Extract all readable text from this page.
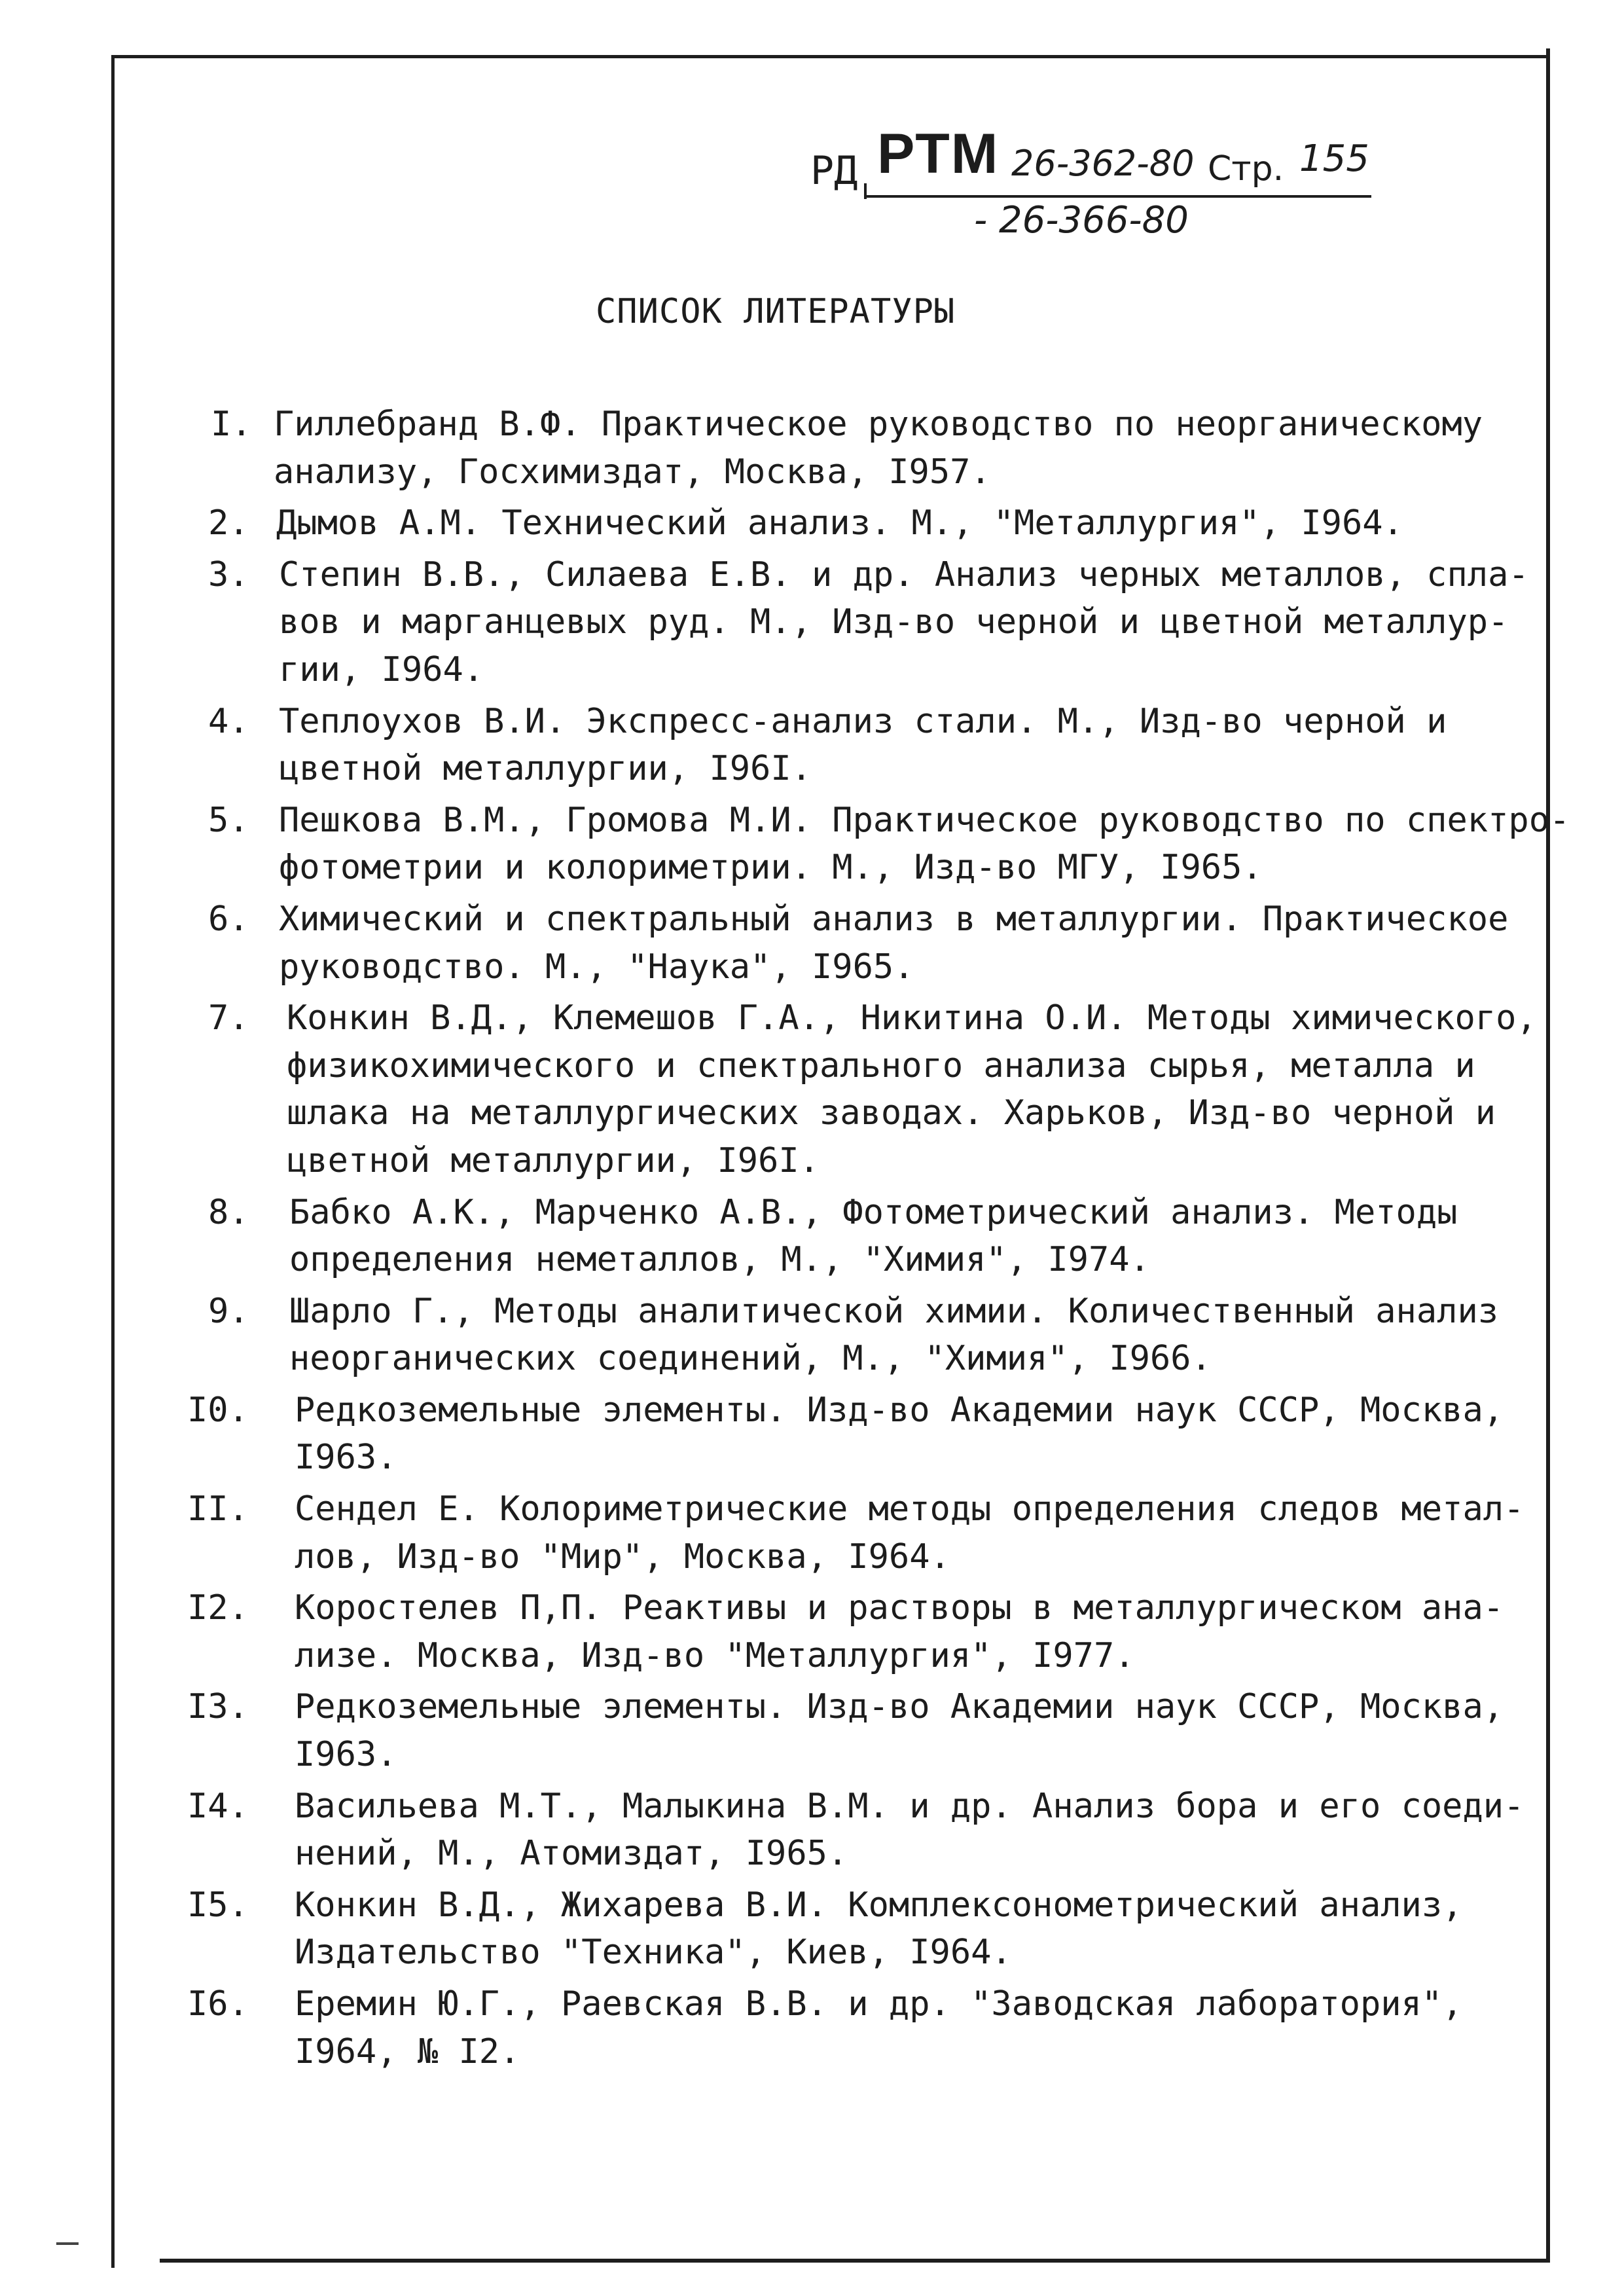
РД РТМ 26-362-80 Стр. 155
- 26-366-80
СПИСОК ЛИТЕРАТУРЫ
I. Гиллебранд В.Ф. Практическое руководство по неорганическому
анализу, Госхимиздат, Москва, I957.
2. Дымов А.М. Технический анализ. М., "Металлургия", I964.
3. Степин В.В., Силаева Е.В. и др. Анализ черных металлов, спла-
вов и марганцевых руд. М., Изд-во черной и цветной металлур-
гии, I964.
4. Теплоухов В.И. Экспресс-анализ стали. М., Изд-во черной и
цветной металлургии, I96I.
5. Пешкова В.М., Громова М.И. Практическое руководство по спектро-
фотометрии и колориметрии. М., Изд-во МГУ, I965.
6. Химический и спектральный анализ в металлургии. Практическое
руководство. М., "Наука", I965.
7. Конкин В.Д., Клемешов Г.А., Никитина О.И. Методы химического,
физикохимического и спектрального анализа сырья, металла и
шлака на металлургических заводах. Харьков, Изд-во черной и
цветной металлургии, I96I.
8. Бабко А.К., Марченко А.В., Фотометрический анализ. Методы
определения неметаллов, М., "Химия", I974.
9. Шарло Г., Методы аналитической химии. Количественный анализ
неорганических соединений, М., "Химия", I966.
I0. Редкоземельные элементы. Изд-во Академии наук СССР, Москва,
I963.
II. Сендел Е. Колориметрические методы определения следов метал-
лов, Изд-во "Мир", Москва, I964.
I2. Коростелев П,П. Реактивы и растворы в металлургическом ана-
лизе. Москва, Изд-во "Металлургия", I977.
I3. Редкоземельные элементы. Изд-во Академии наук СССР, Москва,
I963.
I4. Васильева М.Т., Малыкина В.М. и др. Анализ бора и его соеди-
нений, М., Атомиздат, I965.
I5. Конкин В.Д., Жихарева В.И. Комплексонометрический анализ,
Издательство "Техника", Киев, I964.
I6. Еремин Ю.Г., Раевская В.В. и др. "Заводская лаборатория",
I964, № I2.
